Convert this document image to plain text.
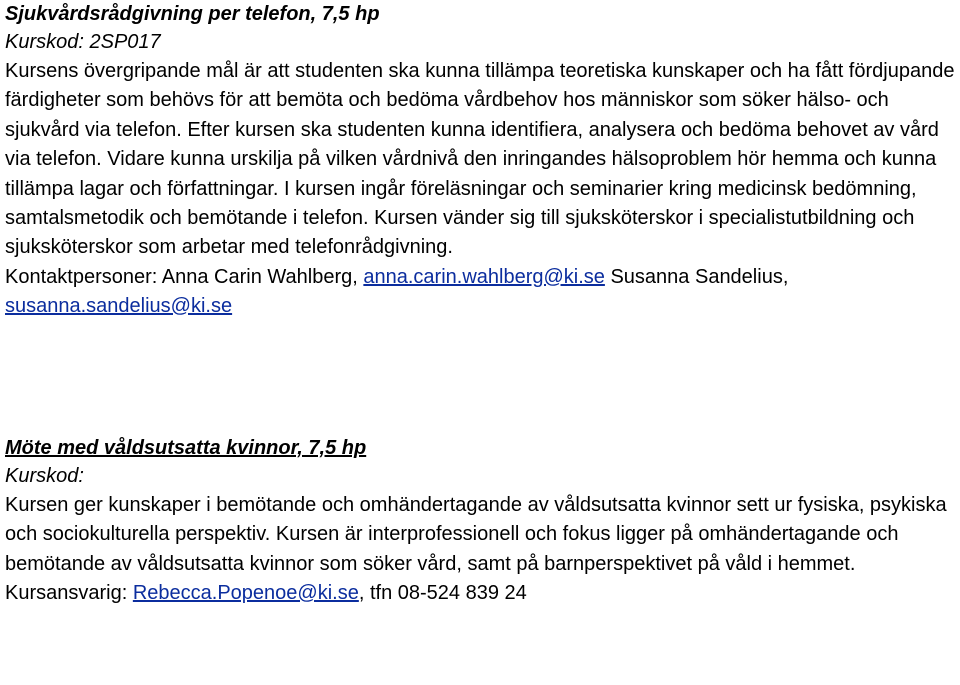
Sjukvårdsrådgivning per telefon, 7,5 hp

Kurskod: 2SP017

Kursens övergripande mål är att studenten ska kunna tillämpa teoretiska kunskaper och ha fått fördjupande färdigheter som behövs för att bemöta och bedöma vårdbehov hos människor som söker hälso- och sjukvård via telefon. Efter kursen ska studenten kunna identifiera, analysera och bedöma behovet av vård via telefon. Vidare kunna urskilja på vilken vårdnivå den inringandes hälsoproblem hör hemma och kunna tillämpa lagar och författningar. I kursen ingår föreläsningar och seminarier kring medicinsk bedömning, samtalsmetodik och bemötande i telefon. Kursen vänder sig till sjuksköterskor i specialistutbildning och sjuksköterskor som arbetar med telefonrådgivning.

Kontaktpersoner: Anna Carin Wahlberg, anna.carin.wahlberg@ki.se Susanna Sandelius, susanna.sandelius@ki.se

Möte med våldsutsatta kvinnor, 7,5 hp

Kurskod:

Kursen ger kunskaper i bemötande och omhändertagande av våldsutsatta kvinnor sett ur fysiska, psykiska och sociokulturella perspektiv. Kursen är interprofessionell och fokus ligger på omhändertagande och bemötande av våldsutsatta kvinnor som söker vård, samt på barnperspektivet på våld i hemmet.

Kursansvarig: Rebecca.Popenoe@ki.se, tfn 08-524 839 24
